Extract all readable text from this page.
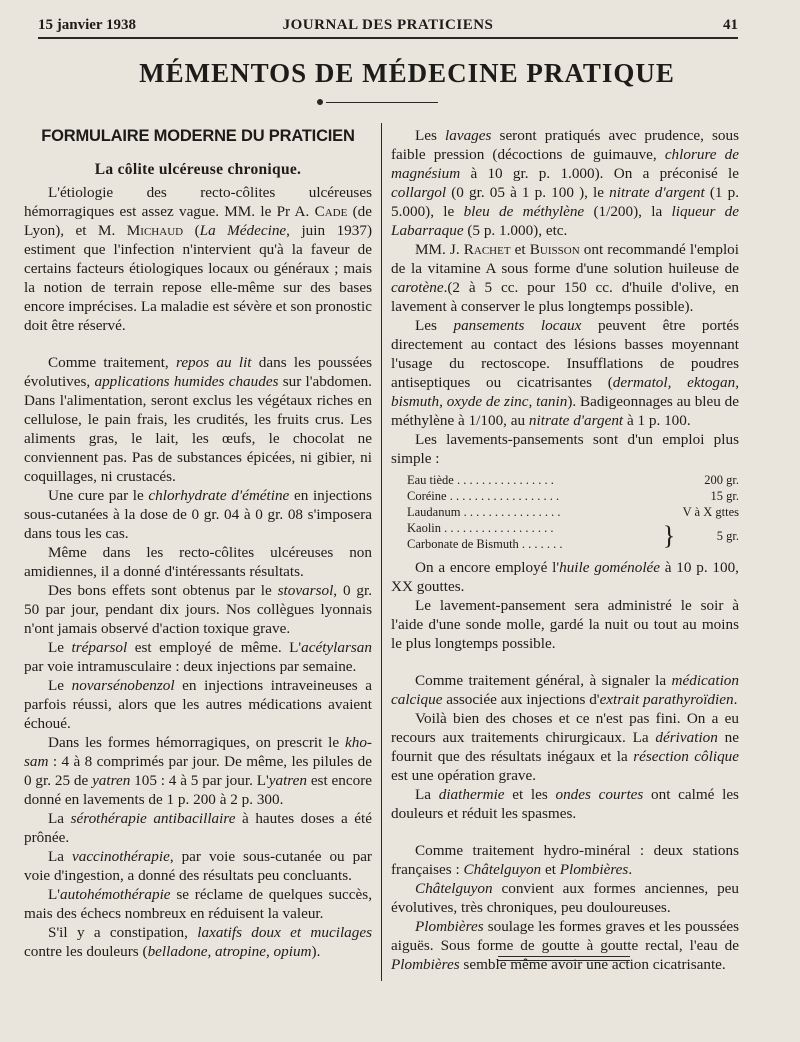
15 janvier 1938	JOURNAL DES PRATICIENS	41
MÉMENTOS DE MÉDECINE PRATIQUE
FORMULAIRE MODERNE DU PRATICIEN
La côlite ulcéreuse chronique.

L'étiologie des recto-côlites ulcéreuses hémorragiques est assez vague. MM. le Pr A. Cade (de Lyon), et M. Michaud (La Médecine, juin 1937) estiment que l'infection n'intervient qu'à la faveur de certains facteurs étiologiques locaux ou généraux ; mais la notion de terrain repose elle-même sur des bases encore imprécises. La maladie est sévère et son pronostic doit être réservé.

Comme traitement, repos au lit dans les poussées évolutives, applications humides chaudes sur l'abdomen. Dans l'alimentation, seront exclus les végétaux riches en cellulose, le pain frais, les crudités, les fruits crus. Les aliments gras, le lait, les œufs, le chocolat ne conviennent pas. Pas de substances épicées, ni gibier, ni coquillages, ni crustacés.

Une cure par le chlorhydrate d'émétine en injections sous-cutanées à la dose de 0 gr. 04 à 0 gr. 08 s'imposera dans tous les cas.

Même dans les recto-côlites ulcéreuses non amidiennes, il a donné d'intéressants résultats.

Des bons effets sont obtenus par le stovarsol, 0 gr. 50 par jour, pendant dix jours. Nos collègues lyonnais n'ont jamais observé d'action toxique grave.

Le tréparsol est employé de même. L'acétylarsan par voie intramusculaire : deux injections par semaine.

Le novarsénobenzol en injections intraveineuses a parfois réussi, alors que les autres médications avaient échoué.

Dans les formes hémorragiques, on prescrit le kho-sam : 4 à 8 comprimés par jour. De même, les pilules de 0 gr. 25 de yatren 105 : 4 à 5 par jour. L'yatren est encore donné en lavements de 1 p. 200 à 2 p. 300.

La sérothérapie antibacillaire à hautes doses a été prônée.

La vaccinothérapie, par voie sous-cutanée ou par voie d'ingestion, a donné des résultats peu concluants.

L'autohémothérapie se réclame de quelques succès, mais des échecs nombreux en réduisent la valeur.

S'il y a constipation, laxatifs doux et mucilages contre les douleurs (belladone, atropine, opium).

Les lavages seront pratiqués avec prudence, sous faible pression (décoctions de guimauve, chlorure de magnésium à 10 gr. p. 1.000). On a préconisé le collargol (0 gr. 05 à 1 p. 100 ), le nitrate d'argent (1 p. 5.000), le bleu de méthylène (1/200), la liqueur de Labarraque (5 p. 1.000), etc.

MM. J. Rachet et Buisson ont recommandé l'emploi de la vitamine A sous forme d'une solution huileuse de carotène.(2 à 5 cc. pour 150 cc. d'huile d'olive, en lavement à conserver le plus longtemps possible).

Les pansements locaux peuvent être portés directement au contact des lésions basses moyennant l'usage du rectoscope. Insufflations de poudres antiseptiques ou cicatrisantes (dermatol, ektogan, bismuth, oxyde de zinc, tanin). Badigeonnages au bleu de méthylène à 1/100, au nitrate d'argent à 1 p. 100.

Les lavements-pansements sont d'un emploi plus simple :

Eau tiède . . . . . . . . . . . . . . . .	200 gr.
Coréine . . . . . . . . . . . . . . . . . .	15 gr.
Laudanum . . . . . . . . . . . . . . . .	V à X gttes
Kaolin . . . . . . . . . . . . . . . . . .
Carbonate de Bismuth . . . . . . .	}	5 gr.

On a encore employé l'huile goménolée à 10 p. 100, XX gouttes.

Le lavement-pansement sera administré le soir à l'aide d'une sonde molle, gardé la nuit ou tout au moins le plus longtemps possible.

Comme traitement général, à signaler la médication calcique associée aux injections d'extrait parathyroïdien.

Voilà bien des choses et ce n'est pas fini. On a eu recours aux traitements chirurgicaux. La dérivation ne fournit que des résultats inégaux et la résection côlique est une opération grave.

La diathermie et les ondes courtes ont calmé les douleurs et réduit les spasmes.

Comme traitement hydro-minéral : deux stations françaises : Châtelguyon et Plombières.

Châtelguyon convient aux formes anciennes, peu évolutives, très chroniques, peu douloureuses.

Plombières soulage les formes graves et les poussées aiguës. Sous forme de goutte à goutte rectal, l'eau de Plombières semble même avoir une action cicatrisante.
